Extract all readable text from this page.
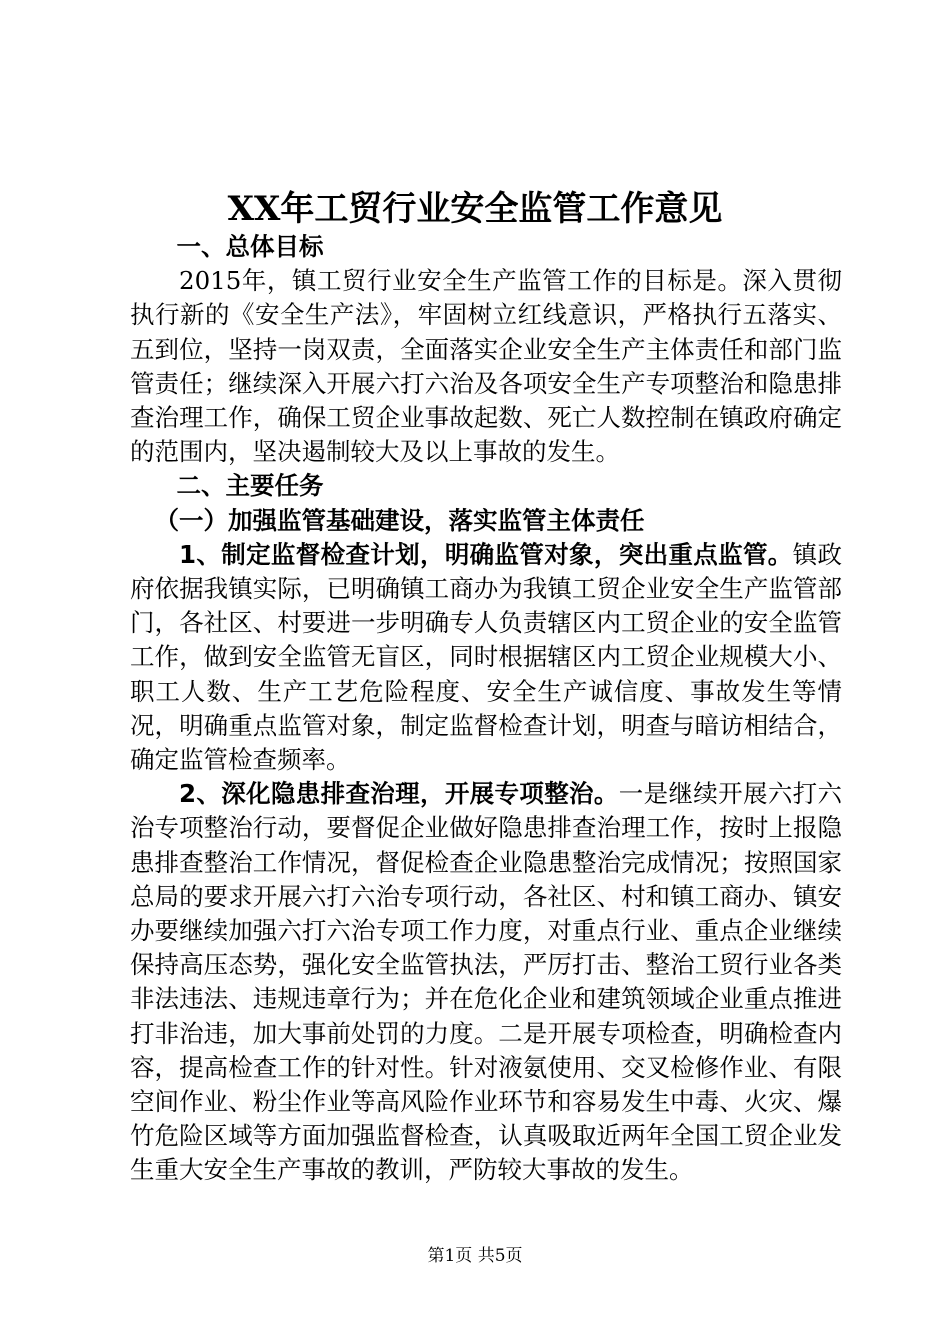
XX年工贸行业安全监管工作意见

一、总体目标

2015年，镇工贸行业安全生产监管工作的目标是。深入贯彻执行新的《安全生产法》，牢固树立红线意识，严格执行五落实、五到位，坚持一岗双责，全面落实企业安全生产主体责任和部门监管责任；继续深入开展六打六治及各项安全生产专项整治和隐患排查治理工作，确保工贸企业事故起数、死亡人数控制在镇政府确定的范围内，坚决遏制较大及以上事故的发生。

二、主要任务

（一）加强监管基础建设，落实监管主体责任

1、制定监督检查计划，明确监管对象，突出重点监管。镇政府依据我镇实际，已明确镇工商办为我镇工贸企业安全生产监管部门，各社区、村要进一步明确专人负责辖区内工贸企业的安全监管工作，做到安全监管无盲区，同时根据辖区内工贸企业规模大小、职工人数、生产工艺危险程度、安全生产诚信度、事故发生等情况，明确重点监管对象，制定监督检查计划，明查与暗访相结合，确定监管检查频率。

2、深化隐患排查治理，开展专项整治。一是继续开展六打六治专项整治行动，要督促企业做好隐患排查治理工作，按时上报隐患排查整治工作情况，督促检查企业隐患整治完成情况；按照国家总局的要求开展六打六治专项行动，各社区、村和镇工商办、镇安办要继续加强六打六治专项工作力度，对重点行业、重点企业继续保持高压态势，强化安全监管执法，严厉打击、整治工贸行业各类非法违法、违规违章行为；并在危化企业和建筑领域企业重点推进打非治违，加大事前处罚的力度。二是开展专项检查，明确检查内容，提高检查工作的针对性。针对液氨使用、交叉检修作业、有限空间作业、粉尘作业等高风险作业环节和容易发生中毒、火灾、爆竹危险区域等方面加强监督检查，认真吸取近两年全国工贸企业发生重大安全生产事故的教训，严防较大事故的发生。

第1页 共5页
